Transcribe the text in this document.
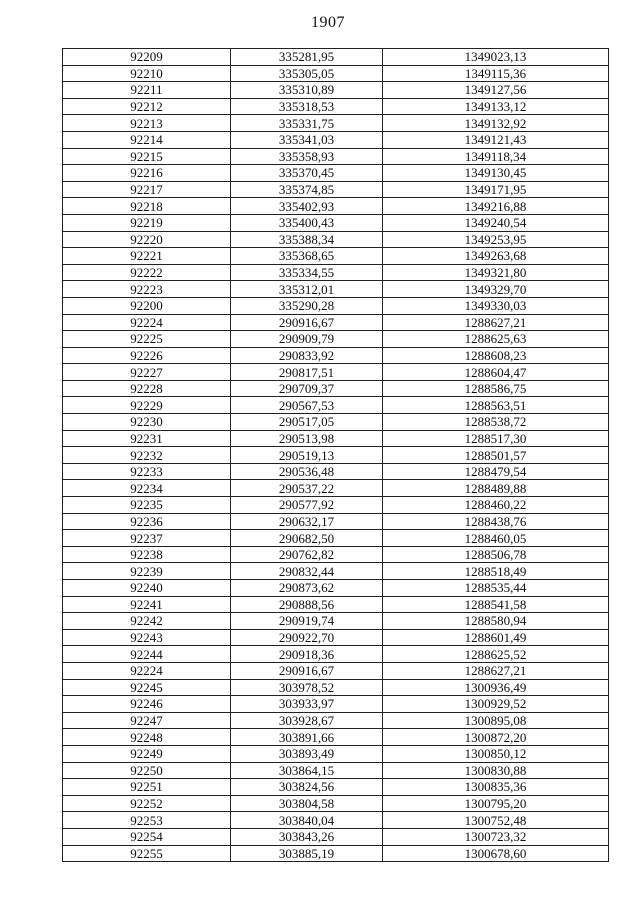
1907
92209	335281,95	1349023,13
92210	335305,05	1349115,36
92211	335310,89	1349127,56
92212	335318,53	1349133,12
92213	335331,75	1349132,92
92214	335341,03	1349121,43
92215	335358,93	1349118,34
92216	335370,45	1349130,45
92217	335374,85	1349171,95
92218	335402,93	1349216,88
92219	335400,43	1349240,54
92220	335388,34	1349253,95
92221	335368,65	1349263,68
92222	335334,55	1349321,80
92223	335312,01	1349329,70
92200	335290,28	1349330,03
92224	290916,67	1288627,21
92225	290909,79	1288625,63
92226	290833,92	1288608,23
92227	290817,51	1288604,47
92228	290709,37	1288586,75
92229	290567,53	1288563,51
92230	290517,05	1288538,72
92231	290513,98	1288517,30
92232	290519,13	1288501,57
92233	290536,48	1288479,54
92234	290537,22	1288489,88
92235	290577,92	1288460,22
92236	290632,17	1288438,76
92237	290682,50	1288460,05
92238	290762,82	1288506,78
92239	290832,44	1288518,49
92240	290873,62	1288535,44
92241	290888,56	1288541,58
92242	290919,74	1288580,94
92243	290922,70	1288601,49
92244	290918,36	1288625,52
92224	290916,67	1288627,21
92245	303978,52	1300936,49
92246	303933,97	1300929,52
92247	303928,67	1300895,08
92248	303891,66	1300872,20
92249	303893,49	1300850,12
92250	303864,15	1300830,88
92251	303824,56	1300835,36
92252	303804,58	1300795,20
92253	303840,04	1300752,48
92254	303843,26	1300723,32
92255	303885,19	1300678,60
